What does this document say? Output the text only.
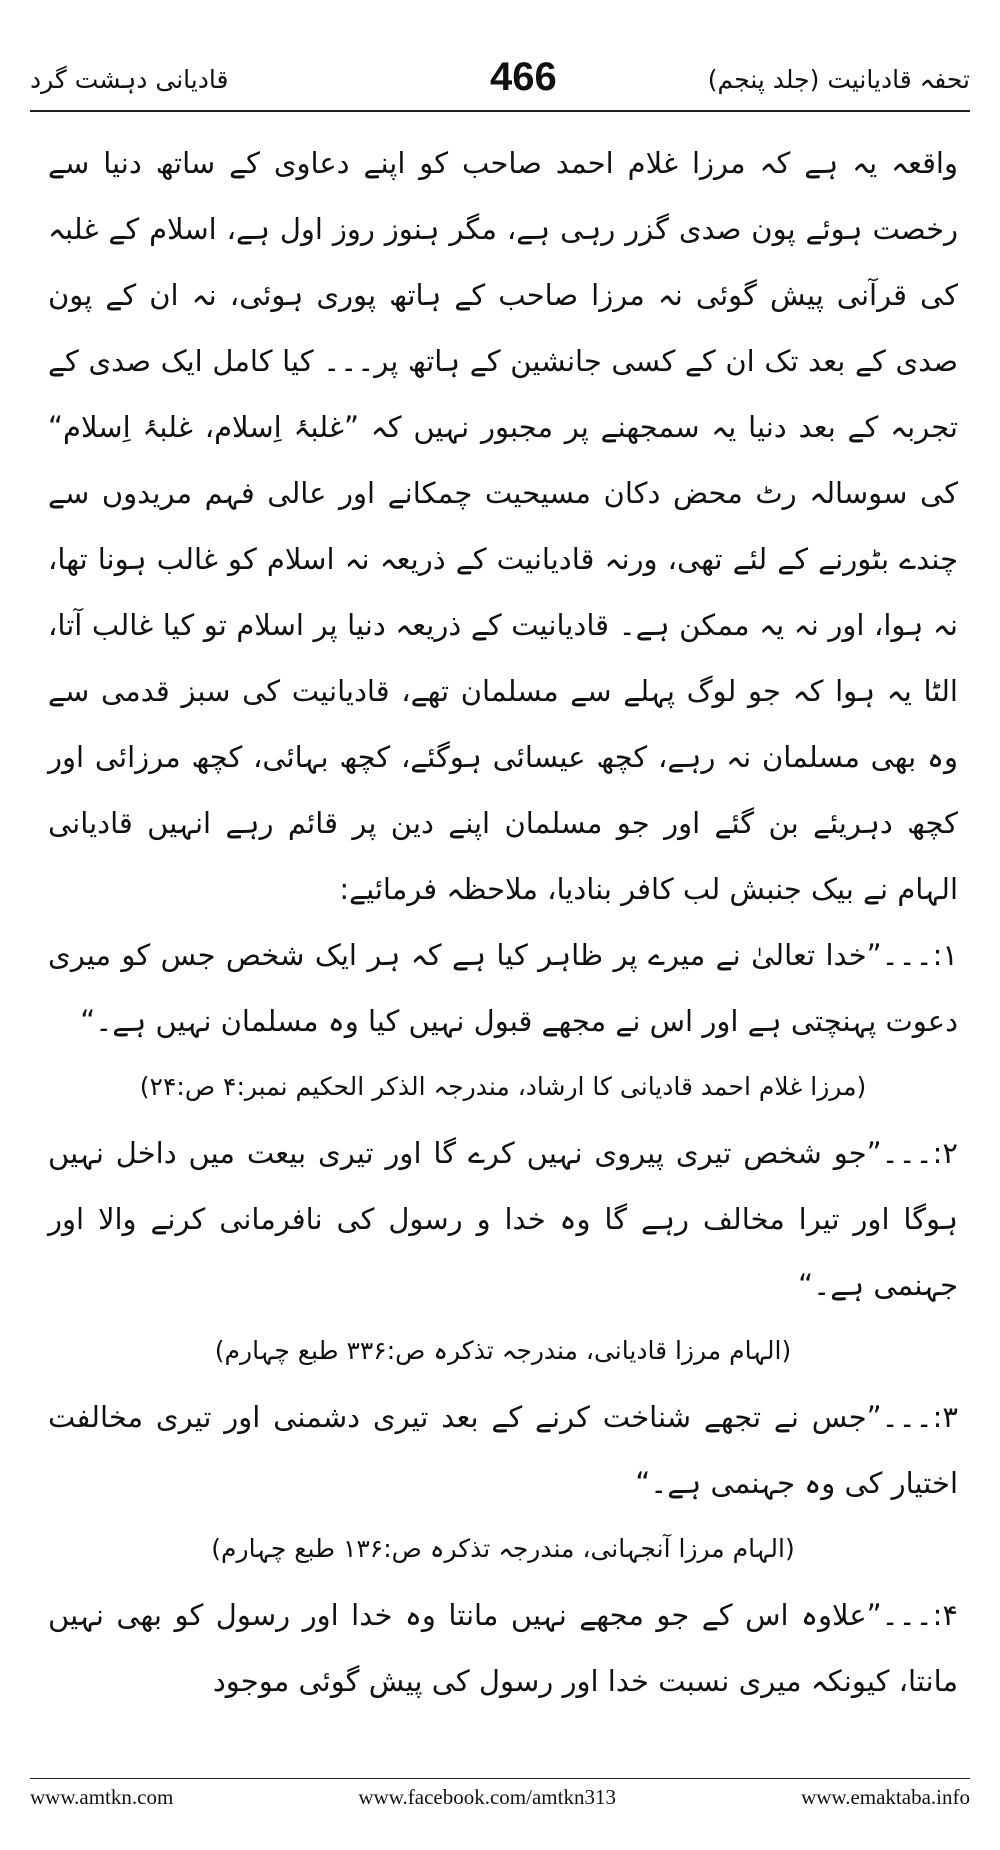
تحفہ قادیانیت (جلد پنجم)
466
قادیانی دہشت گرد

واقعہ یہ ہے کہ مرزا غلام احمد صاحب کو اپنے دعاوی کے ساتھ دنیا سے رخصت ہوئے پون صدی گزر رہی ہے، مگر ہنوز روز اول ہے، اسلام کے غلبہ کی قرآنی پیش گوئی نہ مرزا صاحب کے ہاتھ پوری ہوئی، نہ ان کے پون صدی کے بعد تک ان کے کسی جانشین کے ہاتھ پر۔۔۔ کیا کامل ایک صدی کے تجربہ کے بعد دنیا یہ سمجھنے پر مجبور نہیں کہ ”غلبۂ اِسلام، غلبۂ اِسلام“ کی سوسالہ رٹ محض دکان مسیحیت چمکانے اور عالی فہم مریدوں سے چندے بٹورنے کے لئے تھی، ورنہ قادیانیت کے ذریعہ نہ اسلام کو غالب ہونا تھا، نہ ہوا، اور نہ یہ ممکن ہے۔ قادیانیت کے ذریعہ دنیا پر اسلام تو کیا غالب آتا، الٹا یہ ہوا کہ جو لوگ پہلے سے مسلمان تھے، قادیانیت کی سبز قدمی سے وہ بھی مسلمان نہ رہے، کچھ عیسائی ہوگئے، کچھ بہائی، کچھ مرزائی اور کچھ دہریئے بن گئے اور جو مسلمان اپنے دین پر قائم رہے انہیں قادیانی الہام نے بیک جنبش لب کافر بنادیا، ملاحظہ فرمائیے:

۱:۔۔۔”خدا تعالیٰ نے میرے پر ظاہر کیا ہے کہ ہر ایک شخص جس کو میری دعوت پہنچتی ہے اور اس نے مجھے قبول نہیں کیا وہ مسلمان نہیں ہے۔“

(مرزا غلام احمد قادیانی کا ارشاد، مندرجہ الذکر الحکیم نمبر:۴ ص:۲۴)

۲:۔۔۔”جو شخص تیری پیروی نہیں کرے گا اور تیری بیعت میں داخل نہیں ہوگا اور تیرا مخالف رہے گا وہ خدا و رسول کی نافرمانی کرنے والا اور جہنمی ہے۔“

(الہام مرزا قادیانی، مندرجہ تذکرہ ص:۳۳۶ طبع چہارم)

۳:۔۔۔”جس نے تجھے شناخت کرنے کے بعد تیری دشمنی اور تیری مخالفت اختیار کی وہ جہنمی ہے۔“

(الہام مرزا آنجہانی، مندرجہ تذکرہ ص:۱۳۶ طبع چہارم)

۴:۔۔۔”علاوہ اس کے جو مجھے نہیں مانتا وہ خدا اور رسول کو بھی نہیں مانتا، کیونکہ میری نسبت خدا اور رسول کی پیش گوئی موجود

www.amtkn.com	www.facebook.com/amtkn313	www.emaktaba.info
